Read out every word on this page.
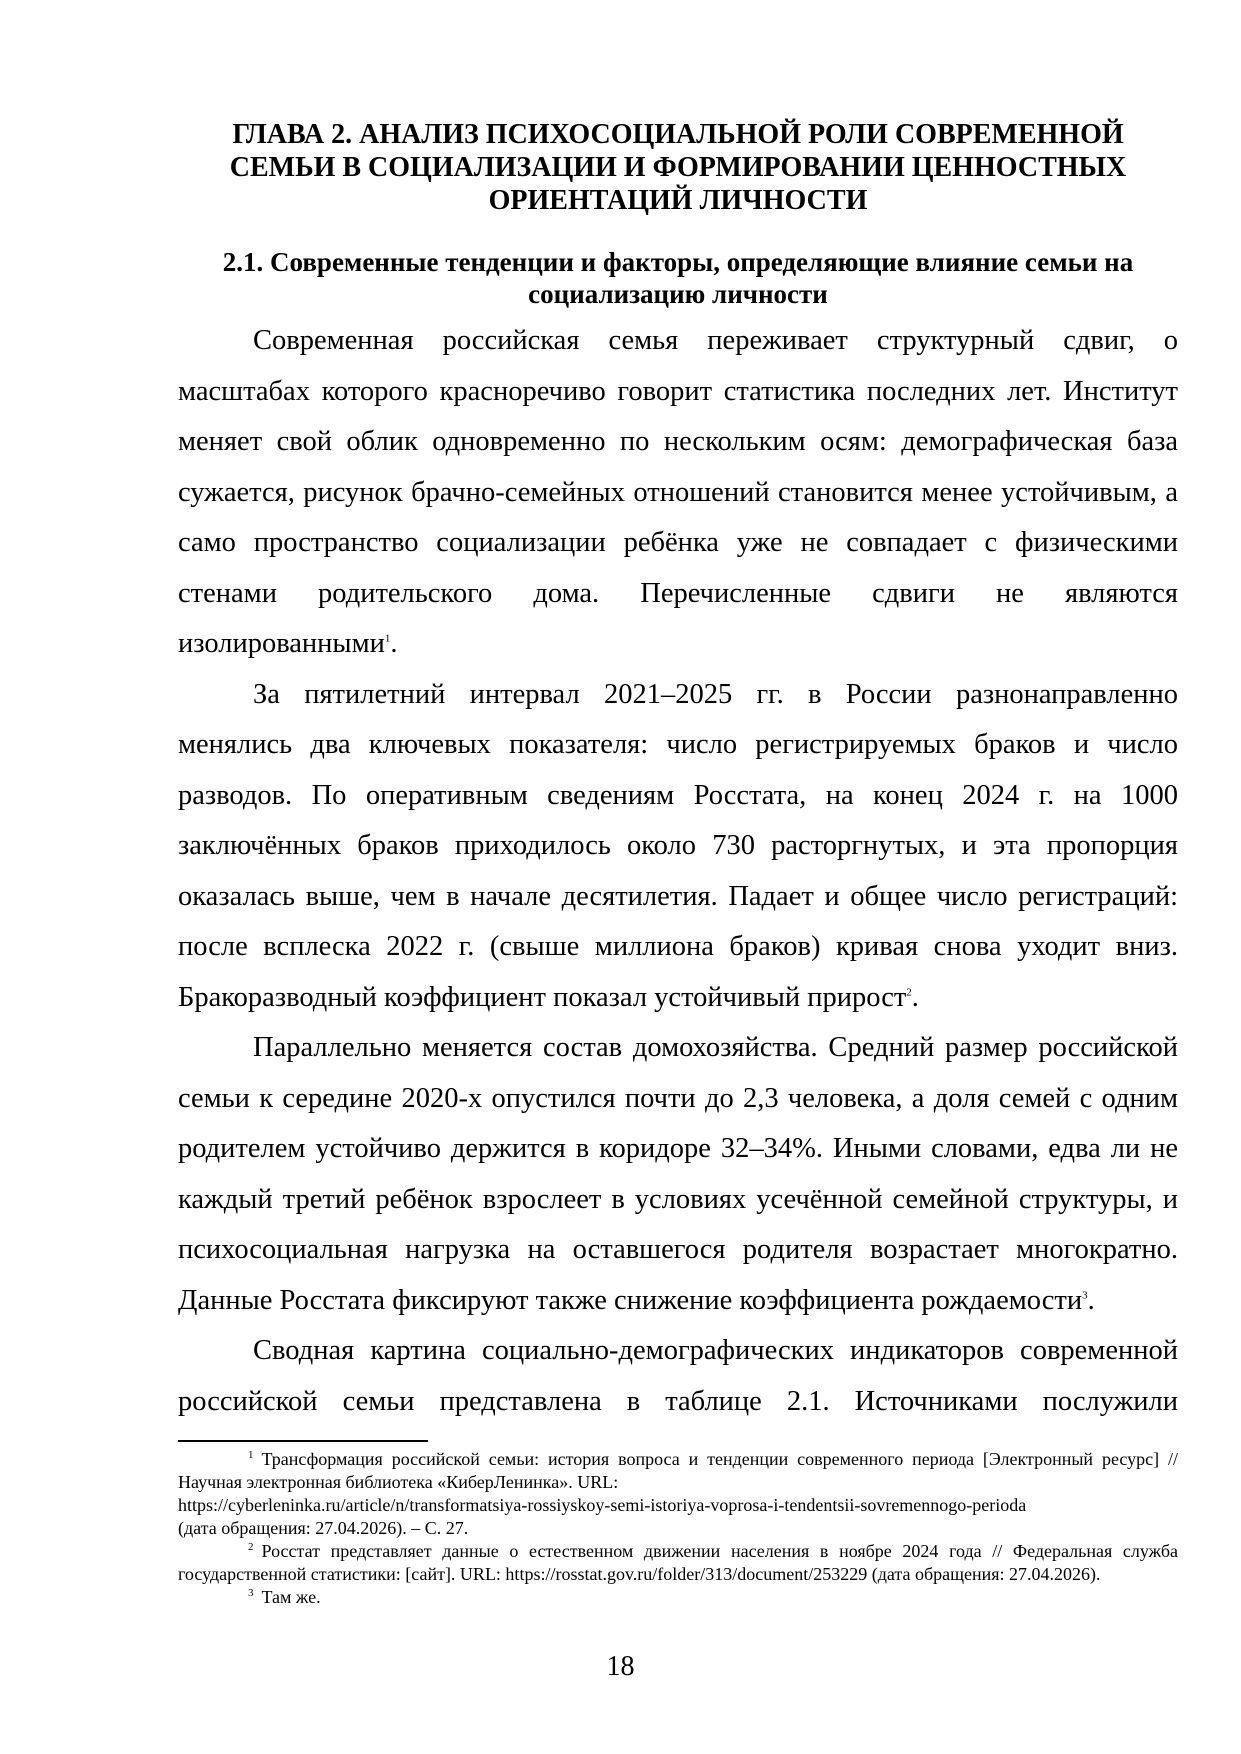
ГЛАВА 2. АНАЛИЗ ПСИХОСОЦИАЛЬНОЙ РОЛИ СОВРЕМЕННОЙ СЕМЬИ В СОЦИАЛИЗАЦИИ И ФОРМИРОВАНИИ ЦЕННОСТНЫХ ОРИЕНТАЦИЙ ЛИЧНОСТИ
2.1. Современные тенденции и факторы, определяющие влияние семьи на социализацию личности

Современная российская семья переживает структурный сдвиг, о масштабах которого красноречиво говорит статистика последних лет. Институт меняет свой облик одновременно по нескольким осям: демографическая база сужается, рисунок брачно-семейных отношений становится менее устойчивым, а само пространство социализации ребёнка уже не совпадает с физическими стенами родительского дома. Перечисленные сдвиги не являются изолированными$^1$.

За пятилетний интервал 2021–2025 гг. в России разнонаправленно менялись два ключевых показателя: число регистрируемых браков и число разводов. По оперативным сведениям Росстата, на конец 2024 г. на 1000 заключённых браков приходилось около 730 расторгнутых, и эта пропорция оказалась выше, чем в начале десятилетия. Падает и общее число регистраций: после всплеска 2022 г. (свыше миллиона браков) кривая снова уходит вниз. Бракоразводный коэффициент показал устойчивый прирост$^2$.

Параллельно меняется состав домохозяйства. Средний размер российской семьи к середине 2020-х опустился почти до 2,3 человека, а доля семей с одним родителем устойчиво держится в коридоре 32–34%. Иными словами, едва ли не каждый третий ребёнок взрослеет в условиях усечённой семейной структуры, и психосоциальная нагрузка на оставшегося родителя возрастает многократно. Данные Росстата фиксируют также снижение коэффициента рождаемости$^3$.

Сводная картина социально-демографических индикаторов современной российской семьи представлена в таблице 2.1. Источниками послужили

$^1$ Трансформация российской семьи: история вопроса и тенденции современного периода [Электронный ресурс] // Научная электронная библиотека «КиберЛенинка». URL:
https://cyberleninka.ru/article/n/transformatsiya-rossiyskoy-semi-istoriya-voprosa-i-tendentsii-sovremennogo-perioda
(дата обращения: 27.04.2026). – С. 27.

$^2$ Росстат представляет данные о естественном движении населения в ноябре 2024 года // Федеральная служба государственной статистики: [сайт]. URL: https://rosstat.gov.ru/folder/313/document/253229 (дата обращения: 27.04.2026).

$^3$ Там же.

18
